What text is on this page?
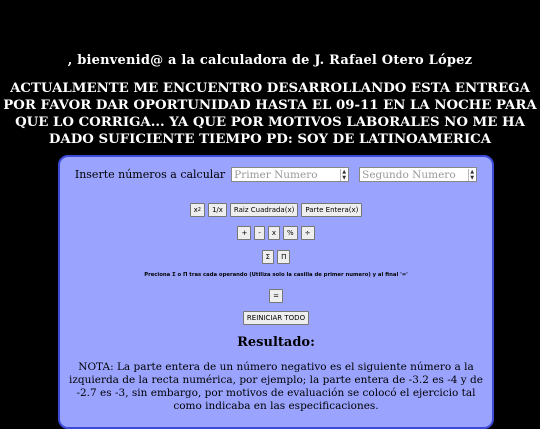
, bienvenid@ a la calculadora de J. Rafael Otero López
ACTUALMENTE ME ENCUENTRO DESARROLLANDO ESTA ENTREGA
POR FAVOR DAR OPORTUNIDAD HASTA EL 09-11 EN LA NOCHE PARA
QUE LO CORRIGA... YA QUE POR MOTIVOS LABORALES NO ME HA
DADO SUFICIENTE TIEMPO PD: SOY DE LATINOAMERICA
Inserte números a calcular Primer Numero	▲
▼ Segundo Numero	▲
▼
x 2	1/x	Raiz Cuadrada(x)	Parte Entera(x)
+	-	x	%	÷
Σ	Π
Preciona Σ o Π tras cada operando (Utiliza solo la casilla de primer numero) y al final '='
=
REINICIAR TODO
Resultado:
NOTA: La parte entera de un número negativo es el siguiente número a la izquierda de la recta numérica, por ejemplo; la parte entera de -3.2 es -4 y de -2.7 es -3, sin embargo, por motivos de evaluación se colocó el ejercicio tal como indicaba en las especificaciones.
